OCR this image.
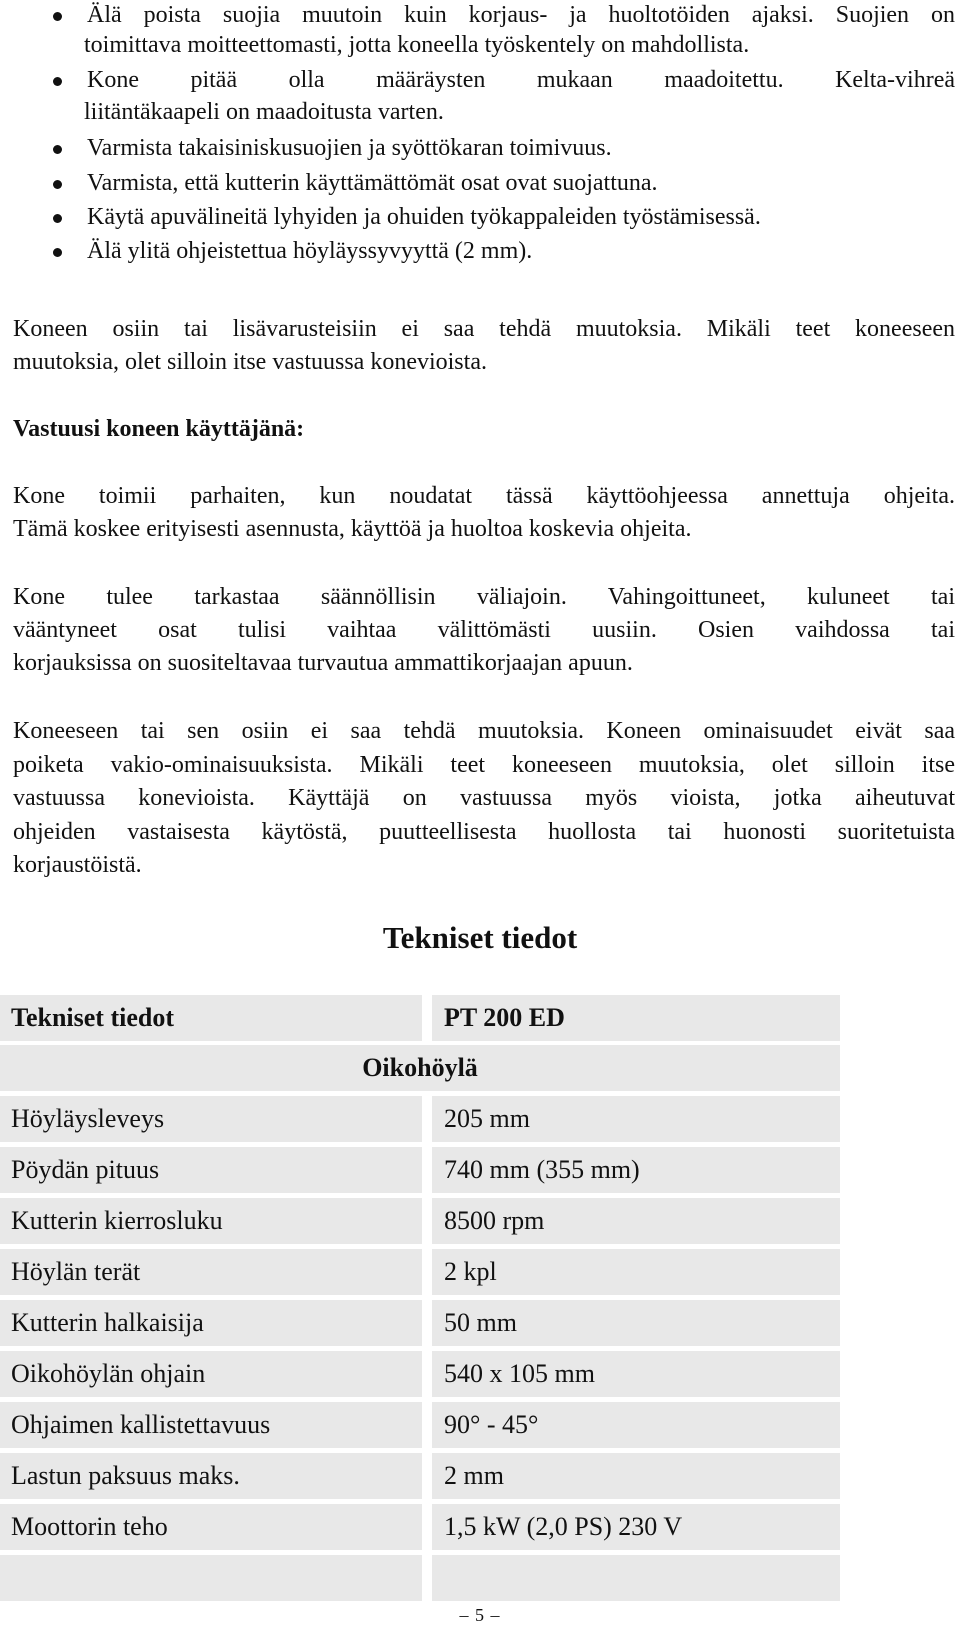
Älä poista suojia muutoin kuin korjaus- ja huoltotöiden ajaksi. Suojien on
toimittava moitteettomasti, jotta koneella työskentely on mahdollista.
Kone pitää olla määräysten mukaan maadoitettu. Kelta-vihreä
liitäntäkaapeli on maadoitusta varten.
Varmista takaisiniskusuojien ja syöttökaran toimivuus.
Varmista, että kutterin käyttämättömät osat ovat suojattuna.
Käytä apuvälineitä lyhyiden ja ohuiden työkappaleiden työstämisessä.
Älä ylitä ohjeistettua höyläyssyvyyttä (2 mm).
Koneen osiin tai lisävarusteisiin ei saa tehdä muutoksia. Mikäli teet koneeseen
muutoksia, olet silloin itse vastuussa konevioista.
Vastuusi koneen käyttäjänä:
Kone toimii parhaiten, kun noudatat tässä käyttöohjeessa annettuja ohjeita.
Tämä koskee erityisesti asennusta, käyttöä ja huoltoa koskevia ohjeita.
Kone tulee tarkastaa säännöllisin väliajoin. Vahingoittuneet, kuluneet tai
vääntyneet osat tulisi vaihtaa välittömästi uusiin. Osien vaihdossa tai
korjauksissa on suositeltavaa turvautua ammattikorjaajan apuun.
Koneeseen tai sen osiin ei saa tehdä muutoksia. Koneen ominaisuudet eivät saa
poiketa vakio-ominaisuuksista. Mikäli teet koneeseen muutoksia, olet silloin itse
vastuussa konevioista. Käyttäjä on vastuussa myös vioista, jotka aiheutuvat
ohjeiden vastaisesta käytöstä, puutteellisesta huollosta tai huonosti suoritetuista
korjaustöistä.
Tekniset tiedot
Tekniset tiedot	PT 200 ED
Oikohöylä
Höyläysleveys	205 mm
Pöydän pituus	740 mm (355 mm)
Kutterin kierrosluku	8500 rpm
Höylän terät	2 kpl
Kutterin halkaisija	50 mm
Oikohöylän ohjain	540 x 105 mm
Ohjaimen kallistettavuus	90° - 45°
Lastun paksuus maks.	2 mm
Moottorin teho	1,5 kW (2,0 PS) 230 V
– 5 –
